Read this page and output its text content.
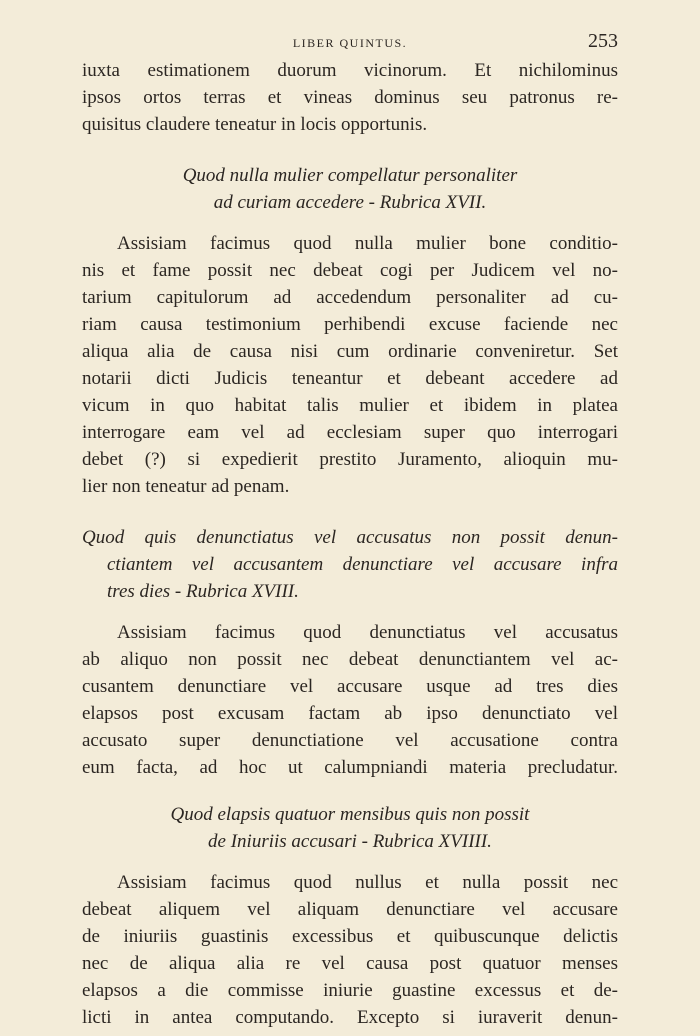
LIBER QUINTUS.	253
iuxta estimationem duorum vicinorum. Et nichilominus
ipsos ortos terras et vineas dominus seu patronus re-
quisitus claudere teneatur in locis opportunis.
Quod nulla mulier compellatur personaliter
ad curiam accedere - Rubrica XVII.
Assisiam facimus quod nulla mulier bone conditio-
nis et fame possit nec debeat cogi per Judicem vel no-
tarium capitulorum ad accedendum personaliter ad cu-
riam causa testimonium perhibendi excuse faciende nec
aliqua alia de causa nisi cum ordinarie conveniretur. Set
notarii dicti Judicis teneantur et debeant accedere ad
vicum in quo habitat talis mulier et ibidem in platea
interrogare eam vel ad ecclesiam super quo interrogari
debet (?) si expedierit prestito Juramento, alioquin mu-
lier non teneatur ad penam.
Quod quis denunctiatus vel accusatus non possit denun-
ctiantem vel accusantem denunctiare vel accusare infra
tres dies - Rubrica XVIII.
Assisiam facimus quod denunctiatus vel accusatus
ab aliquo non possit nec debeat denunctiantem vel ac-
cusantem denunctiare vel accusare usque ad tres dies
elapsos post excusam factam ab ipso denunctiato vel
accusato super denunctiatione vel accusatione contra
eum facta, ad hoc ut calumpniandi materia precludatur.
Quod elapsis quatuor mensibus quis non possit
de Iniuriis accusari - Rubrica XVIIII.
Assisiam facimus quod nullus et nulla possit nec
debeat aliquem vel aliquam denunctiare vel accusare
de iniuriis guastinis excessibus et quibuscunque delictis
nec de aliqua alia re vel causa post quatuor menses
elapsos a die commisse iniurie guastine excessus et de-
licti in antea computando. Excepto si iuraverit denun-
